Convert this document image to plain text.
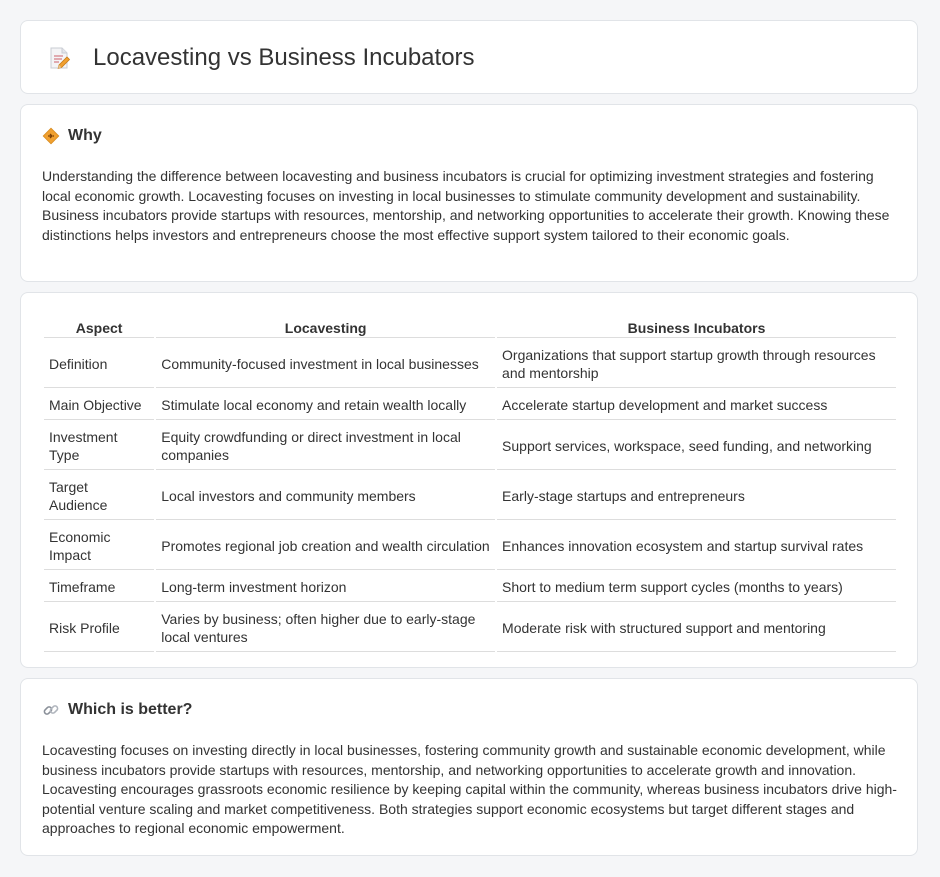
Locavesting vs Business Incubators
Why

Understanding the difference between locavesting and business incubators is crucial for optimizing investment strategies and fostering local economic growth. Locavesting focuses on investing in local businesses to stimulate community development and sustainability. Business incubators provide startups with resources, mentorship, and networking opportunities to accelerate their growth. Knowing these distinctions helps investors and entrepreneurs choose the most effective support system tailored to their economic goals.

Aspect	Locavesting	Business Incubators
Definition	Community-focused investment in local businesses	Organizations that support startup growth through resources and mentorship
Main Objective	Stimulate local economy and retain wealth locally	Accelerate startup development and market success
Investment Type	Equity crowdfunding or direct investment in local companies	Support services, workspace, seed funding, and networking
Target Audience	Local investors and community members	Early-stage startups and entrepreneurs
Economic Impact	Promotes regional job creation and wealth circulation	Enhances innovation ecosystem and startup survival rates
Timeframe	Long-term investment horizon	Short to medium term support cycles (months to years)
Risk Profile	Varies by business; often higher due to early-stage local ventures	Moderate risk with structured support and mentoring
Which is better?

Locavesting focuses on investing directly in local businesses, fostering community growth and sustainable economic development, while business incubators provide startups with resources, mentorship, and networking opportunities to accelerate growth and innovation. Locavesting encourages grassroots economic resilience by keeping capital within the community, whereas business incubators drive high-potential venture scaling and market competitiveness. Both strategies support economic ecosystems but target different stages and approaches to regional economic empowerment.
